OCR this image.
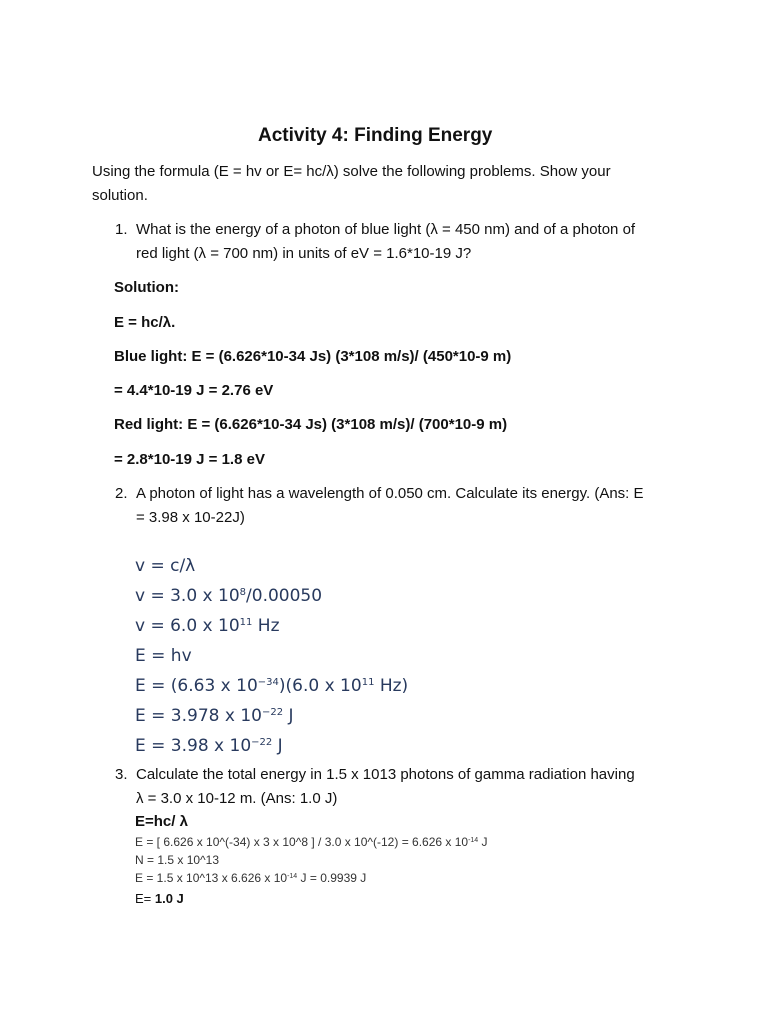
Activity 4: Finding Energy
Using the formula (E = hv or E= hc/λ) solve the following problems. Show your
solution.
1. What is the energy of a photon of blue light (λ = 450 nm) and of a photon of
red light (λ = 700 nm) in units of eV = 1.6*10-19 J?
Solution:
E = hc/λ.
Blue light: E = (6.626*10-34 Js) (3*108 m/s)/ (450*10-9 m)
= 4.4*10-19 J = 2.76 eV
Red light: E = (6.626*10-34 Js) (3*108 m/s)/ (700*10-9 m)
= 2.8*10-19 J = 1.8 eV
2. A photon of light has a wavelength of 0.050 cm. Calculate its energy. (Ans: E
= 3.98 x 10-22J)
v = c/λ
v = 3.0 x $10^8/0.00050$
v = 6.0 x $10^{11}$ Hz
E = hv
E = (6.63 x $10^{-34})(6.0$ x $10^{11}$ Hz)
E = 3.978 x $10^{-22}$ J
E = 3.98 x $10^{-22}$ J
3. Calculate the total energy in 1.5 x 1013 photons of gamma radiation having
λ = 3.0 x 10-12 m. (Ans: 1.0 J)
E=hc/ λ
E = [ 6.626 x 10^(-34) x 3 x 10^8 ] / 3.0 x 10^(-12) = 6.626 x $10^{-14}$ J
N = 1.5 x 10^13
E = 1.5 x 10^13 x 6.626 x $10^{-14}$ J = 0.9939 J
E= 1.0 J
